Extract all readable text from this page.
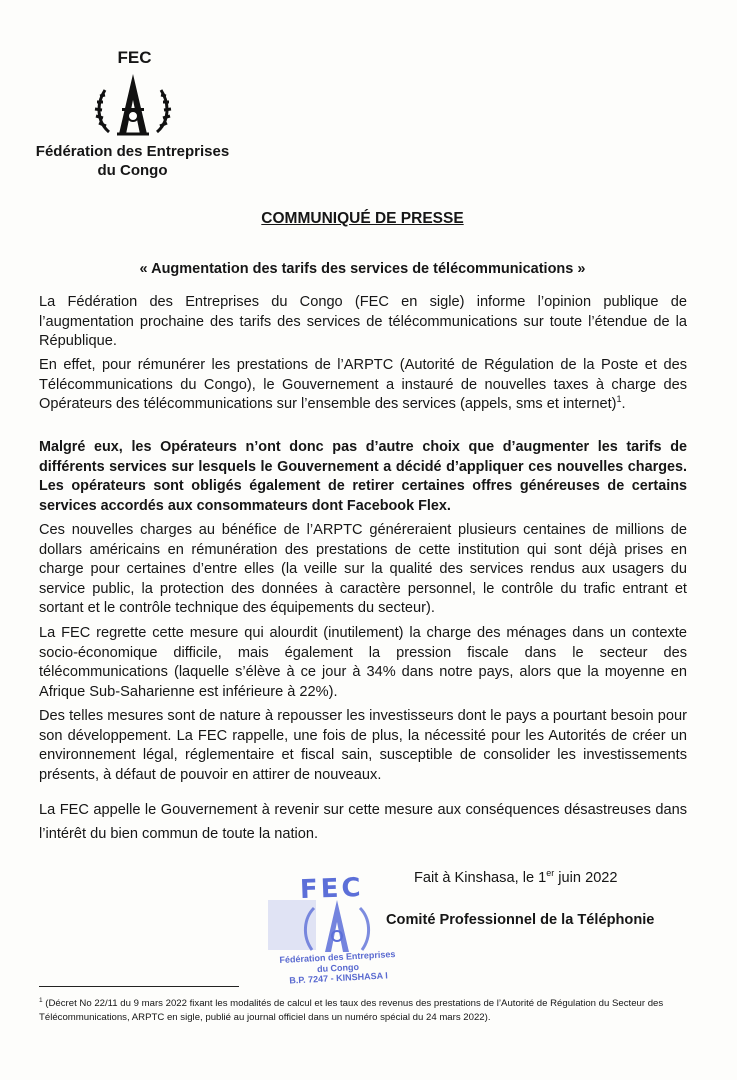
FEC
Fédération des Entreprises
du Congo
COMMUNIQUÉ DE PRESSE
« Augmentation des tarifs des services de télécommunications »

La Fédération des Entreprises du Congo (FEC en sigle) informe l’opinion publique de l’augmentation prochaine des tarifs des services de télécommunications sur toute l’étendue de la République.

En effet, pour rémunérer les prestations de l’ARPTC (Autorité de Régulation de la Poste et des Télécommunications du Congo), le Gouvernement a instauré de nouvelles taxes à charge des Opérateurs des télécommunications sur l’ensemble des services (appels, sms et internet)$^1$.

Malgré eux, les Opérateurs n’ont donc pas d’autre choix que d’augmenter les tarifs de différents services sur lesquels le Gouvernement a décidé d’appliquer ces nouvelles charges. Les opérateurs sont obligés également de retirer certaines offres généreuses de certains services accordés aux consommateurs dont Facebook Flex.

Ces nouvelles charges au bénéfice de l’ARPTC généreraient plusieurs centaines de millions de dollars américains en rémunération des prestations de cette institution qui sont déjà prises en charge pour certaines d’entre elles (la veille sur la qualité des services rendus aux usagers du service public, la protection des données à caractère personnel, le contrôle du trafic entrant et sortant et le contrôle technique des équipements du secteur).

La FEC regrette cette mesure qui alourdit (inutilement) la charge des ménages dans un contexte socio-économique difficile, mais également la pression fiscale dans le secteur des télécommunications (laquelle s’élève à ce jour à 34% dans notre pays, alors que la moyenne en Afrique Sub-Saharienne est inférieure à 22%).

Des telles mesures sont de nature à repousser les investisseurs dont le pays a pourtant besoin pour son développement. La FEC rappelle, une fois de plus, la nécessité pour les Autorités de créer un environnement légal, réglementaire et fiscal sain, susceptible de consolider les investissements présents, à défaut de pouvoir en attirer de nouveaux.

La FEC appelle le Gouvernement à revenir sur cette mesure aux conséquences désastreuses dans l’intérêt du bien commun de toute la nation.

FEC
Fédération des Entreprises
du Congo
B.P. 7247 - KINSHASA I
Fait à Kinshasa, le 1er juin 2022
Comité Professionnel de la Téléphonie
$^1$ (Décret No 22/11 du 9 mars 2022 fixant les modalités de calcul et les taux des revenus des prestations de l’Autorité de Régulation du Secteur des Télécommunications, ARPTC en sigle, publié au journal officiel dans un numéro spécial du 24 mars 2022).
